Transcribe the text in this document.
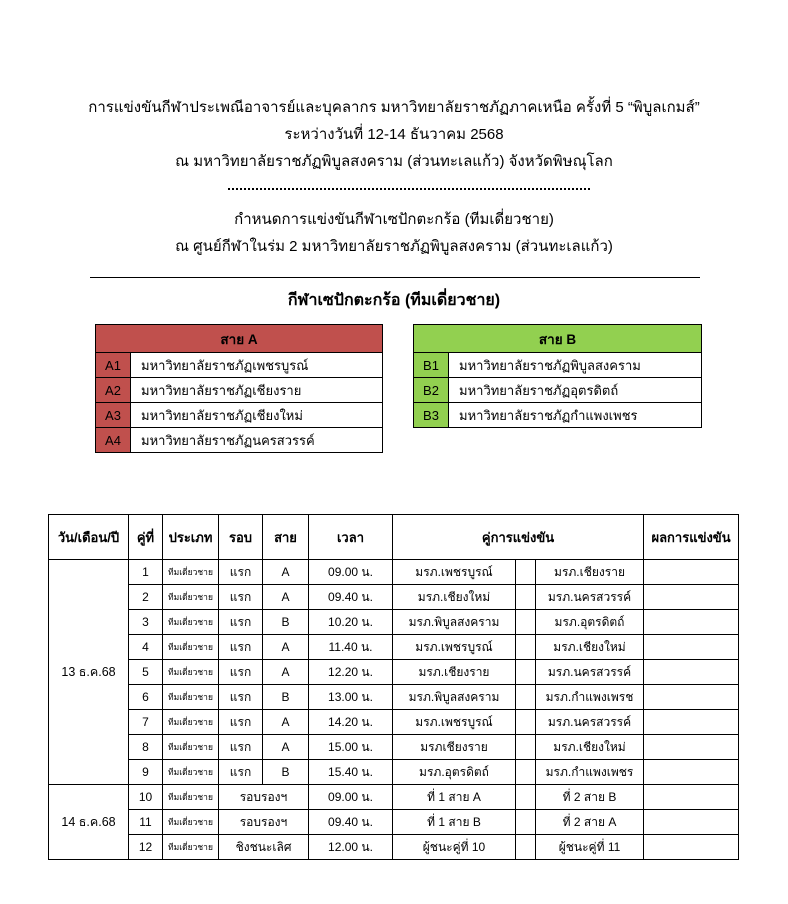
การแข่งขันกีฬาประเพณีอาจารย์และบุคลากร มหาวิทยาลัยราชภัฏภาคเหนือ ครั้งที่ 5 “พิบูลเกมส์”
ระหว่างวันที่ 12-14 ธันวาคม 2568
ณ มหาวิทยาลัยราชภัฏพิบูลสงคราม (ส่วนทะเลแก้ว) จังหวัดพิษณุโลก
กำหนดการแข่งขันกีฬาเซปักตะกร้อ (ทีมเดี่ยวชาย)
ณ ศูนย์กีฬาในร่ม 2 มหาวิทยาลัยราชภัฏพิบูลสงคราม (ส่วนทะเลแก้ว)
กีฬาเซปักตะกร้อ (ทีมเดี่ยวชาย)
สาย A	
A1	มหาวิทยาลัยราชภัฏเพชรบูรณ์
A2	มหาวิทยาลัยราชภัฏเชียงราย
A3	มหาวิทยาลัยราชภัฏเชียงใหม่
A4	มหาวิทยาลัยราชภัฏนครสวรรค์
สาย B	
B1	มหาวิทยาลัยราชภัฏพิบูลสงคราม
B2	มหาวิทยาลัยราชภัฏอุตรดิตถ์
B3	มหาวิทยาลัยราชภัฏกำแพงเพชร
วัน/เดือน/ปี	คู่ที่	ประเภท	รอบ	สาย	เวลา	คู่การแข่งขัน			ผลการแข่งขัน
13 ธ.ค.68	1	ทีมเดี่ยวชาย	แรก	A	09.00 น.	มรภ.เพชรบูรณ์		มรภ.เชียงราย	
	2	ทีมเดี่ยวชาย	แรก	A	09.40 น.	มรภ.เชียงใหม่		มรภ.นครสวรรค์	
	3	ทีมเดี่ยวชาย	แรก	B	10.20 น.	มรภ.พิบูลสงคราม		มรภ.อุตรดิตถ์	
	4	ทีมเดี่ยวชาย	แรก	A	11.40 น.	มรภ.เพชรบูรณ์		มรภ.เชียงใหม่	
	5	ทีมเดี่ยวชาย	แรก	A	12.20 น.	มรภ.เชียงราย		มรภ.นครสวรรค์	
	6	ทีมเดี่ยวชาย	แรก	B	13.00 น.	มรภ.พิบูลสงคราม		มรภ.กำแพงเพรช	
	7	ทีมเดี่ยวชาย	แรก	A	14.20 น.	มรภ.เพชรบูรณ์		มรภ.นครสวรรค์	
	8	ทีมเดี่ยวชาย	แรก	A	15.00 น.	มรภเชียงราย		มรภ.เชียงใหม่	
	9	ทีมเดี่ยวชาย	แรก	B	15.40 น.	มรภ.อุตรดิตถ์		มรภ.กำแพงเพชร	
14 ธ.ค.68	10	ทีมเดี่ยวชาย	รอบรองฯ		09.00 น.	ที่ 1 สาย A		ที่ 2 สาย B	
	11	ทีมเดี่ยวชาย	รอบรองฯ		09.40 น.	ที่ 1 สาย B		ที่ 2 สาย A	
	12	ทีมเดี่ยวชาย	ชิงชนะเลิศ		12.00 น.	ผู้ชนะคู่ที่ 10		ผู้ชนะคู่ที่ 11	
